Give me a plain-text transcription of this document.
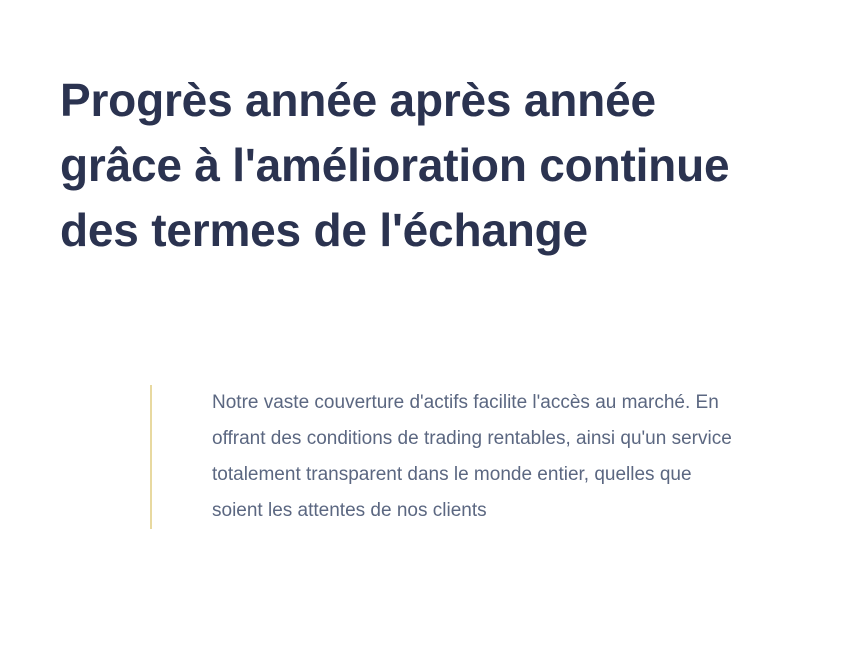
Progrès année après année grâce à l'amélioration continue des termes de l'échange

Notre vaste couverture d'actifs facilite l'accès au marché. En offrant des conditions de trading rentables, ainsi qu'un service totalement transparent dans le monde entier, quelles que soient les attentes de nos clients
